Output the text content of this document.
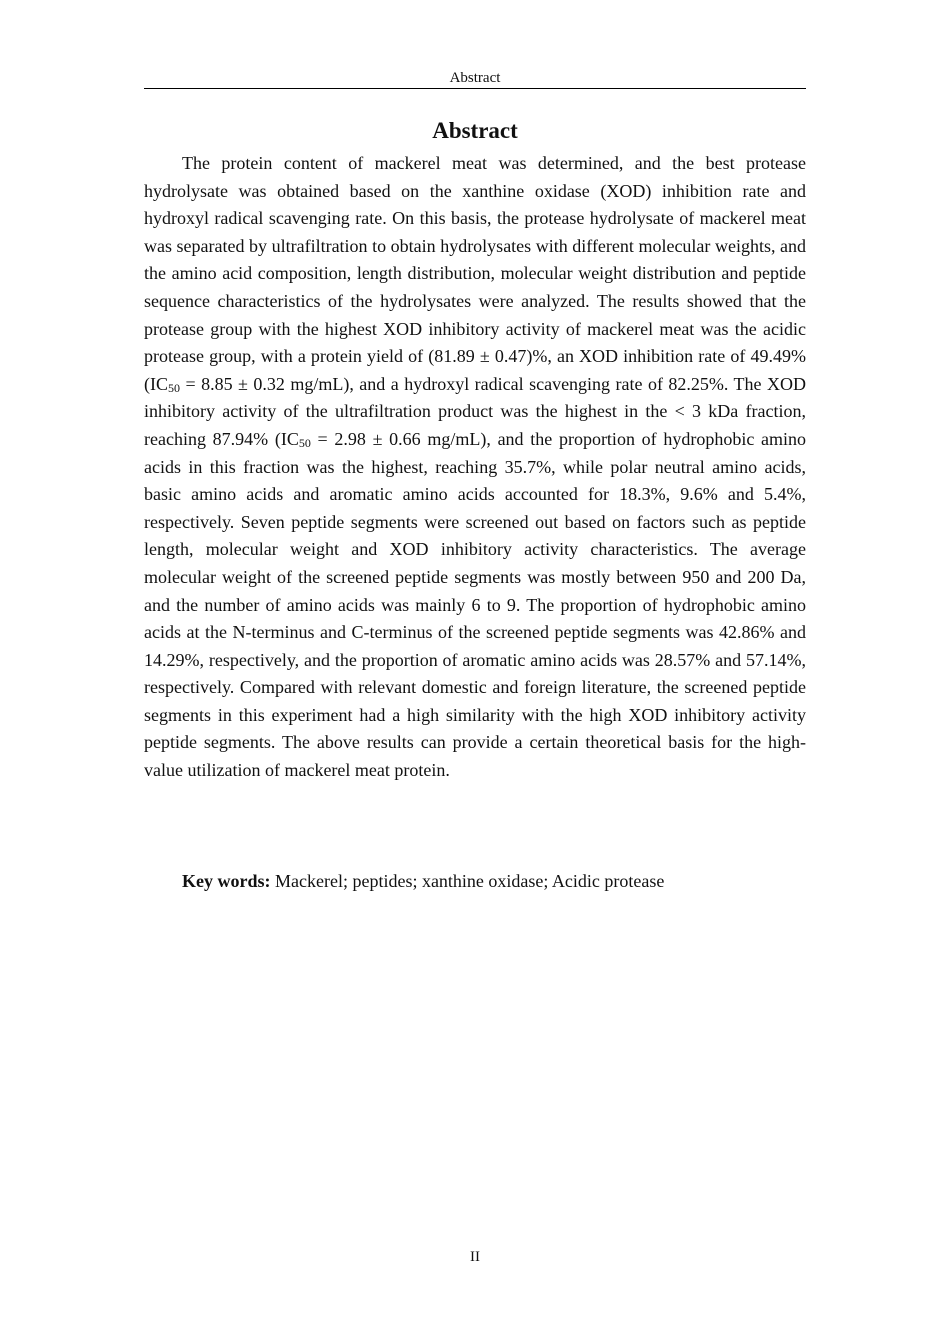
Abstract
Abstract

The protein content of mackerel meat was determined, and the best protease hydrolysate was obtained based on the xanthine oxidase (XOD) inhibition rate and hydroxyl radical scavenging rate. On this basis, the protease hydrolysate of mackerel meat was separated by ultrafiltration to obtain hydrolysates with different molecular weights, and the amino acid composition, length distribution, molecular weight distribution and peptide sequence characteristics of the hydrolysates were analyzed. The results showed that the protease group with the highest XOD inhibitory activity of mackerel meat was the acidic protease group, with a protein yield of (81.89 ± 0.47)%, an XOD inhibition rate of 49.49% ($IC_{50} = 8.85 \pm 0.32$ mg/mL), and a hydroxyl radical scavenging rate of 82.25%. The XOD inhibitory activity of the ultrafiltration product was the highest in the < 3 kDa fraction, reaching 87.94% ($IC_{50} = 2.98 \pm 0.66$ mg/mL), and the proportion of hydrophobic amino acids in this fraction was the highest, reaching 35.7%, while polar neutral amino acids, basic amino acids and aromatic amino acids accounted for 18.3%, 9.6% and 5.4%, respectively. Seven peptide segments were screened out based on factors such as peptide length, molecular weight and XOD inhibitory activity characteristics. The average molecular weight of the screened peptide segments was mostly between 950 and 200 Da, and the number of amino acids was mainly 6 to 9. The proportion of hydrophobic amino acids at the N-terminus and C-terminus of the screened peptide segments was 42.86% and 14.29%, respectively, and the proportion of aromatic amino acids was 28.57% and 57.14%, respectively. Compared with relevant domestic and foreign literature, the screened peptide segments in this experiment had a high similarity with the high XOD inhibitory activity peptide segments. The above results can provide a certain theoretical basis for the high-value utilization of mackerel meat protein.

Key words: Mackerel; peptides; xanthine oxidase; Acidic protease

II
